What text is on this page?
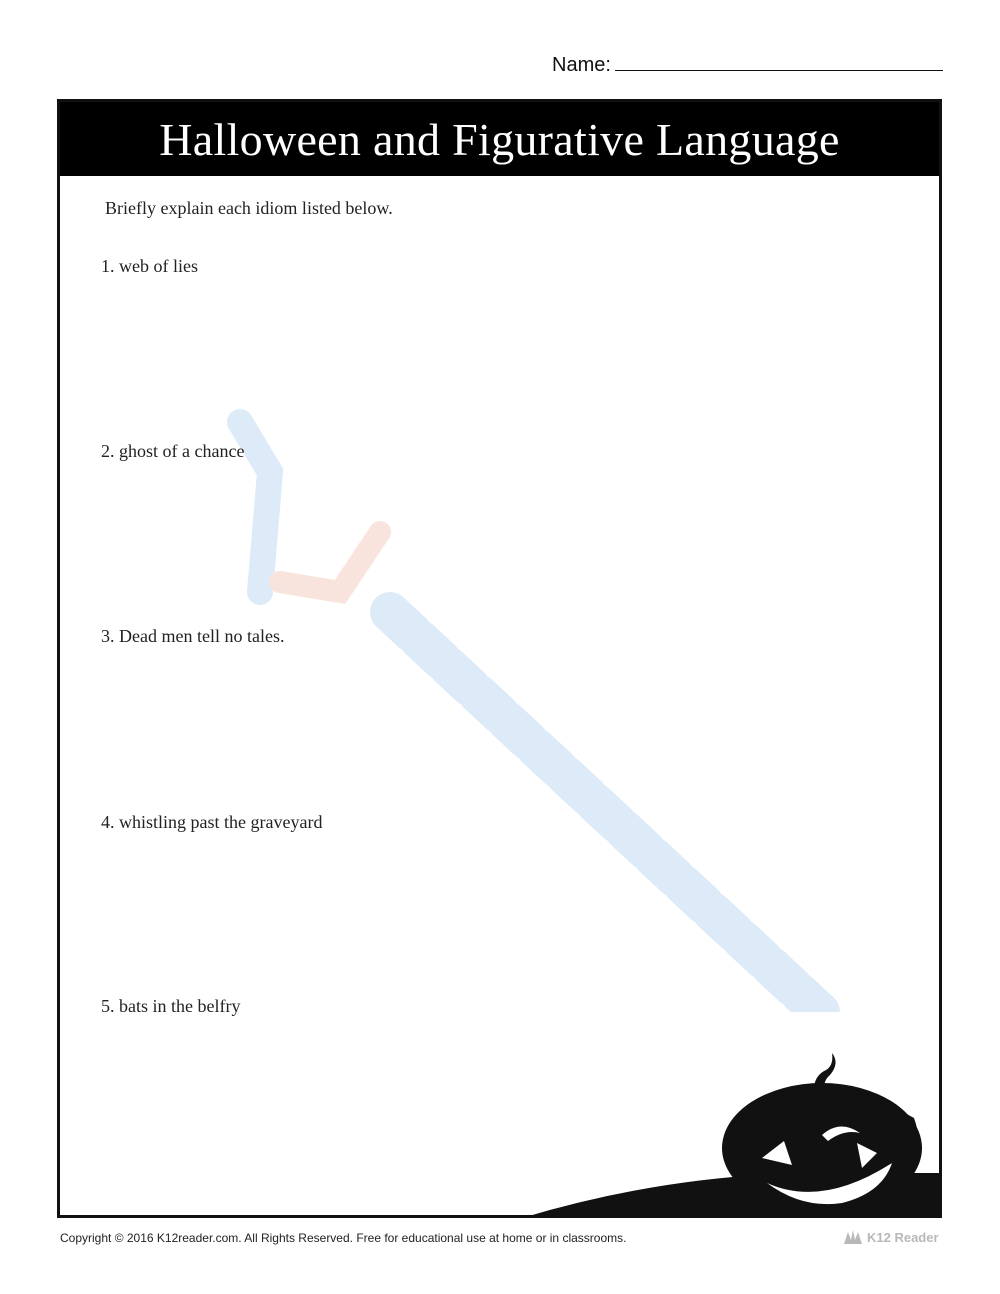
Name:
Halloween and Figurative Language
Briefly explain each idiom listed below.
1. web of lies
2. ghost of a chance
3. Dead men tell no tales.
4. whistling past the graveyard
5. bats in the belfry
Copyright © 2016 K12reader.com. All Rights Reserved. Free for educational use at home or in classrooms.	K12 Reader
